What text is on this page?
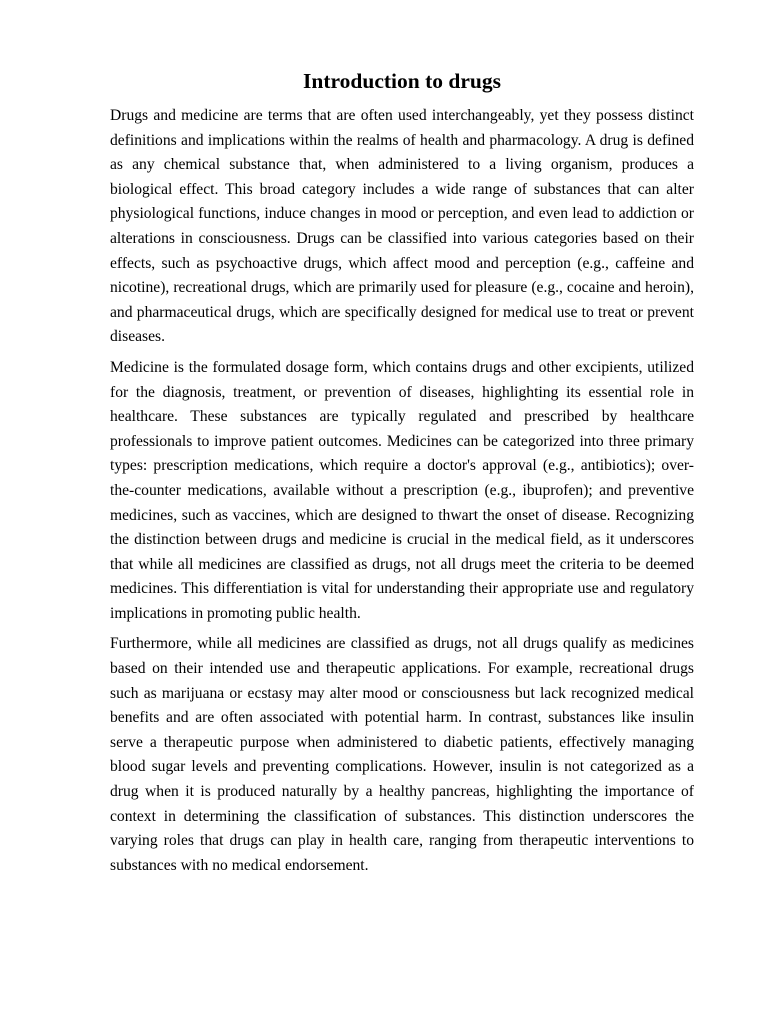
Introduction to drugs

Drugs and medicine are terms that are often used interchangeably, yet they possess distinct definitions and implications within the realms of health and pharmacology. A drug is defined as any chemical substance that, when administered to a living organism, produces a biological effect. This broad category includes a wide range of substances that can alter physiological functions, induce changes in mood or perception, and even lead to addiction or alterations in consciousness. Drugs can be classified into various categories based on their effects, such as psychoactive drugs, which affect mood and perception (e.g., caffeine and nicotine), recreational drugs, which are primarily used for pleasure (e.g., cocaine and heroin), and pharmaceutical drugs, which are specifically designed for medical use to treat or prevent diseases.

Medicine is the formulated dosage form, which contains drugs and other excipients, utilized for the diagnosis, treatment, or prevention of diseases, highlighting its essential role in healthcare. These substances are typically regulated and prescribed by healthcare professionals to improve patient outcomes. Medicines can be categorized into three primary types: prescription medications, which require a doctor's approval (e.g., antibiotics); over-the-counter medications, available without a prescription (e.g., ibuprofen); and preventive medicines, such as vaccines, which are designed to thwart the onset of disease. Recognizing the distinction between drugs and medicine is crucial in the medical field, as it underscores that while all medicines are classified as drugs, not all drugs meet the criteria to be deemed medicines. This differentiation is vital for understanding their appropriate use and regulatory implications in promoting public health.

Furthermore, while all medicines are classified as drugs, not all drugs qualify as medicines based on their intended use and therapeutic applications. For example, recreational drugs such as marijuana or ecstasy may alter mood or consciousness but lack recognized medical benefits and are often associated with potential harm. In contrast, substances like insulin serve a therapeutic purpose when administered to diabetic patients, effectively managing blood sugar levels and preventing complications. However, insulin is not categorized as a drug when it is produced naturally by a healthy pancreas, highlighting the importance of context in determining the classification of substances. This distinction underscores the varying roles that drugs can play in health care, ranging from therapeutic interventions to substances with no medical endorsement.
